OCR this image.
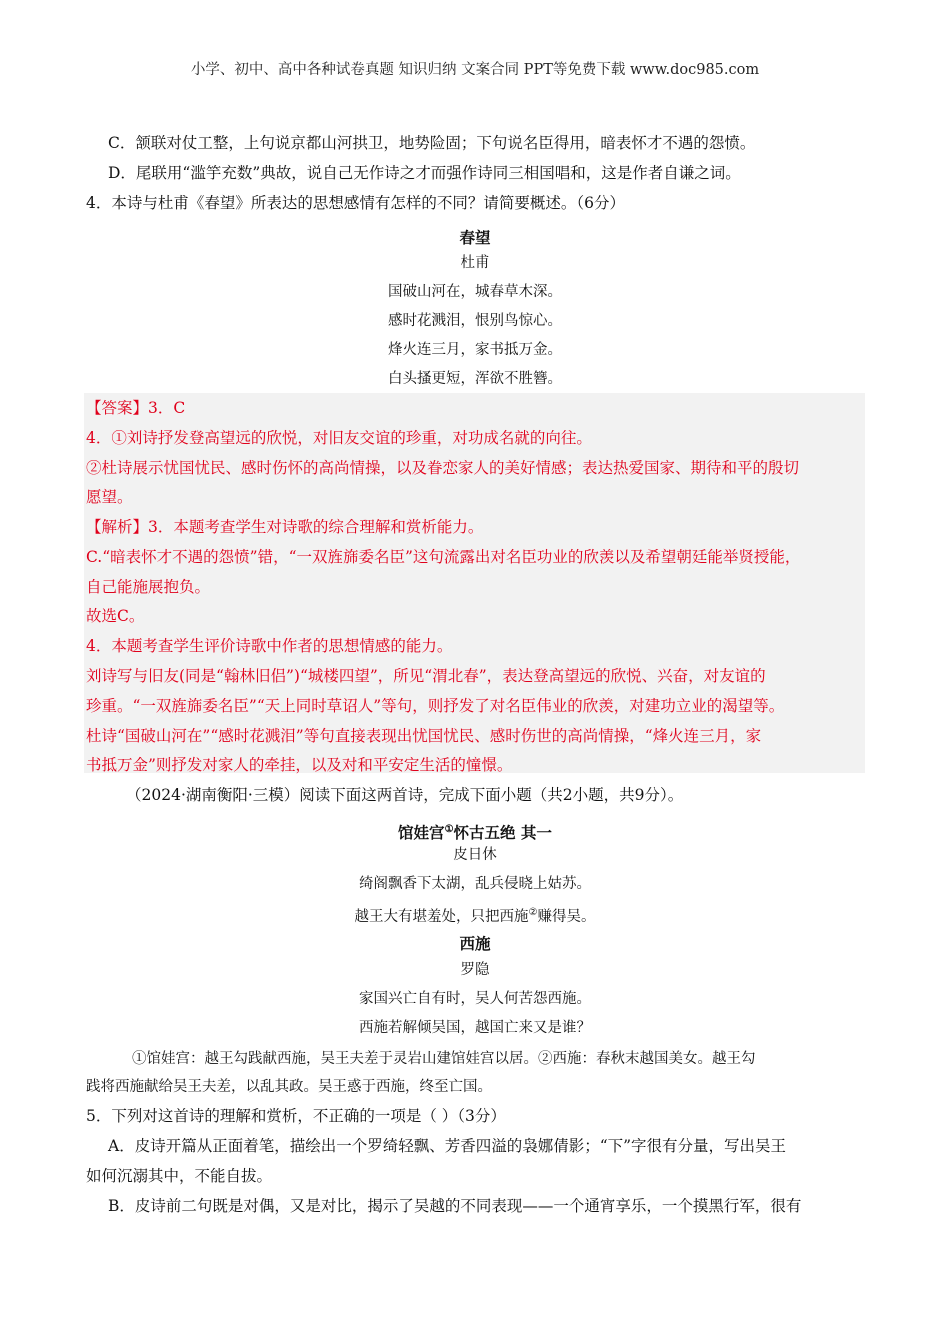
小学、初中、高中各种试卷真题 知识归纳 文案合同 PPT等免费下载 www.doc985.com
C．颔联对仗工整，上句说京都山河拱卫，地势险固；下句说名臣得用，暗表怀才不遇的怨愤。
D．尾联用“滥竽充数”典故，说自己无作诗之才而强作诗同三相国唱和，这是作者自谦之词。
4．本诗与杜甫《春望》所表达的思想感情有怎样的不同？请简要概述。（6分）
春望
杜甫
国破山河在，城春草木深。
感时花溅泪，恨别鸟惊心。
烽火连三月，家书抵万金。
白头搔更短，浑欲不胜簪。
【答案】3．C
4．①刘诗抒发登高望远的欣悦，对旧友交谊的珍重，对功成名就的向往。
②杜诗展示忧国忧民、感时伤怀的高尚情操，以及眷恋家人的美好情感；表达热爱国家、期待和平的殷切
愿望。
【解析】3．本题考查学生对诗歌的综合理解和赏析能力。
C.“暗表怀才不遇的怨愤”错，“一双旌旆委名臣”这句流露出对名臣功业的欣羡以及希望朝廷能举贤授能，
自己能施展抱负。
故选C。
4．本题考查学生评价诗歌中作者的思想情感的能力。
刘诗写与旧友(同是“翰林旧侣”)“城楼四望”，所见“渭北春”，表达登高望远的欣悦、兴奋，对友谊的
珍重。“一双旌旆委名臣”“天上同时草诏人”等句，则抒发了对名臣伟业的欣羡，对建功立业的渴望等。
杜诗“国破山河在”“感时花溅泪”等句直接表现出忧国忧民、感时伤世的高尚情操，“烽火连三月，家
书抵万金”则抒发对家人的牵挂，以及对和平安定生活的憧憬。
（2024·湖南衡阳·三模）阅读下面这两首诗，完成下面小题（共2小题，共9分）。
馆娃宫①怀古五绝 其一
皮日休
绮阁飘香下太湖，乱兵侵晓上姑苏。
越王大有堪羞处，只把西施②赚得吴。
西施
罗隐
家国兴亡自有时，吴人何苦怨西施。
西施若解倾吴国，越国亡来又是谁？
①馆娃宫：越王勾践献西施，吴王夫差于灵岩山建馆娃宫以居。②西施：春秋末越国美女。越王勾
践将西施献给吴王夫差，以乱其政。吴王惑于西施，终至亡国。
5．下列对这首诗的理解和赏析，不正确的一项是（ ）（3分）
A．皮诗开篇从正面着笔，描绘出一个罗绮轻飘、芳香四溢的袅娜倩影；“下”字很有分量，写出吴王
如何沉溺其中，不能自拔。
B．皮诗前二句既是对偶，又是对比，揭示了吴越的不同表现——一个通宵享乐，一个摸黑行军，很有
